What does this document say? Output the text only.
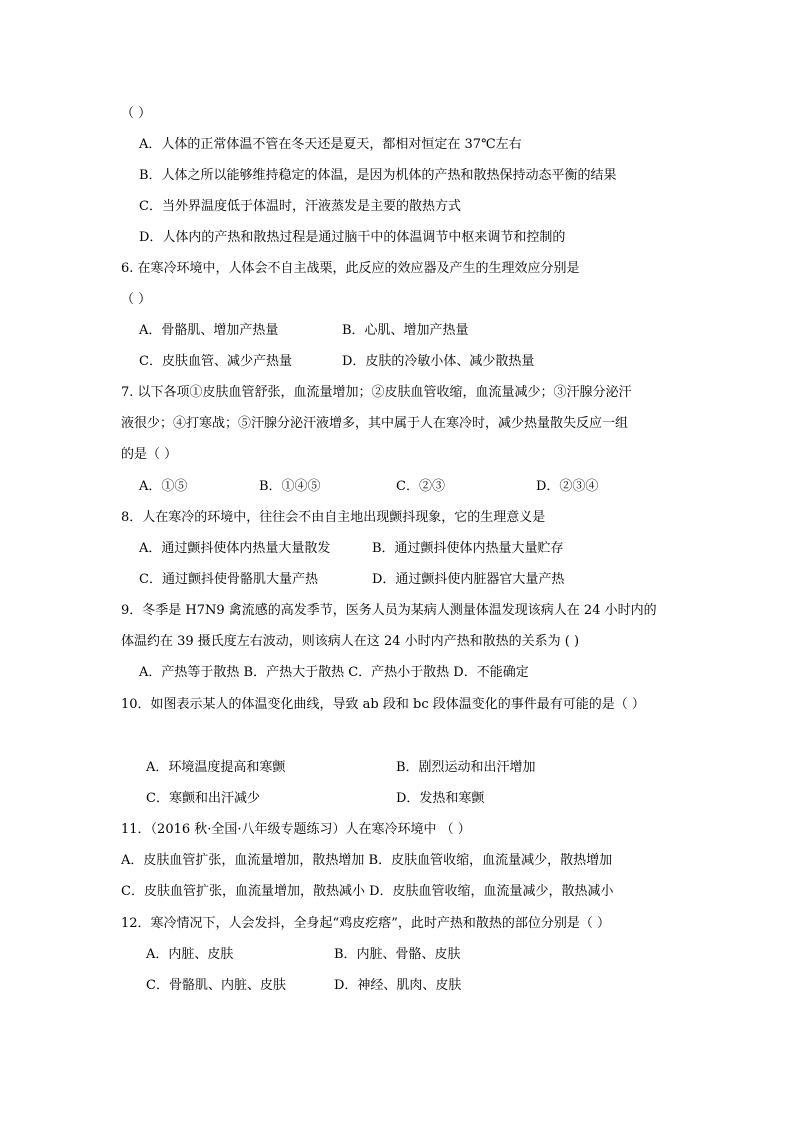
（ ）
A．人体的正常体温不管在冬天还是夏天，都相对恒定在 37℃左右
B．人体之所以能够维持稳定的体温，是因为机体的产热和散热保持动态平衡的结果
C．当外界温度低于体温时，汗液蒸发是主要的散热方式
D．人体内的产热和散热过程是通过脑干中的体温调节中枢来调节和控制的
6. 在寒冷环境中，人体会不自主战栗，此反应的效应器及产生的生理效应分别是
（ ）
A．骨骼肌、增加产热量	B．心肌、增加产热量
C．皮肤血管、减少产热量	D．皮肤的冷敏小体、减少散热量
7. 以下各项①皮肤血管舒张，血流量增加；②皮肤血管收缩，血流量减少；③汗腺分泌汗
液很少；④打寒战；⑤汗腺分泌汗液增多，其中属于人在寒冷时，减少热量散失反应一组
的是（ ）
A．①⑤	B．①④⑤	C．②③	D．②③④
8．人在寒冷的环境中，往往会不由自主地出现颤抖现象，它的生理意义是
A．通过颤抖使体内热量大量散发	B．通过颤抖使体内热量大量贮存
C．通过颤抖使骨骼肌大量产热	D．通过颤抖使内脏器官大量产热
9．冬季是 H7N9 禽流感的高发季节，医务人员为某病人测量体温发现该病人在 24 小时内的
体温约在 39 摄氏度左右波动，则该病人在这 24 小时内产热和散热的关系为 ( )
A．产热等于散热 B．产热大于散热 C．产热小于散热 D．不能确定
10．如图表示某人的体温变化曲线，导致 ab 段和 bc 段体温变化的事件最有可能的是（ ）
A．环境温度提高和寒颤	B．剧烈运动和出汗增加
C．寒颤和出汗减少	D．发热和寒颤
11．（2016 秋·全国·八年级专题练习）人在寒冷环境中 （ ）
A．皮肤血管扩张，血流量增加，散热增加 B．皮肤血管收缩，血流量减少，散热增加
C．皮肤血管扩张，血流量增加，散热减小 D．皮肤血管收缩，血流量减少，散热减小
12．寒冷情况下，人会发抖，全身起“鸡皮疙瘩”，此时产热和散热的部位分别是（ ）
A．内脏、皮肤	B．内脏、骨骼、皮肤
C．骨骼肌、内脏、皮肤	D．神经、肌肉、皮肤
